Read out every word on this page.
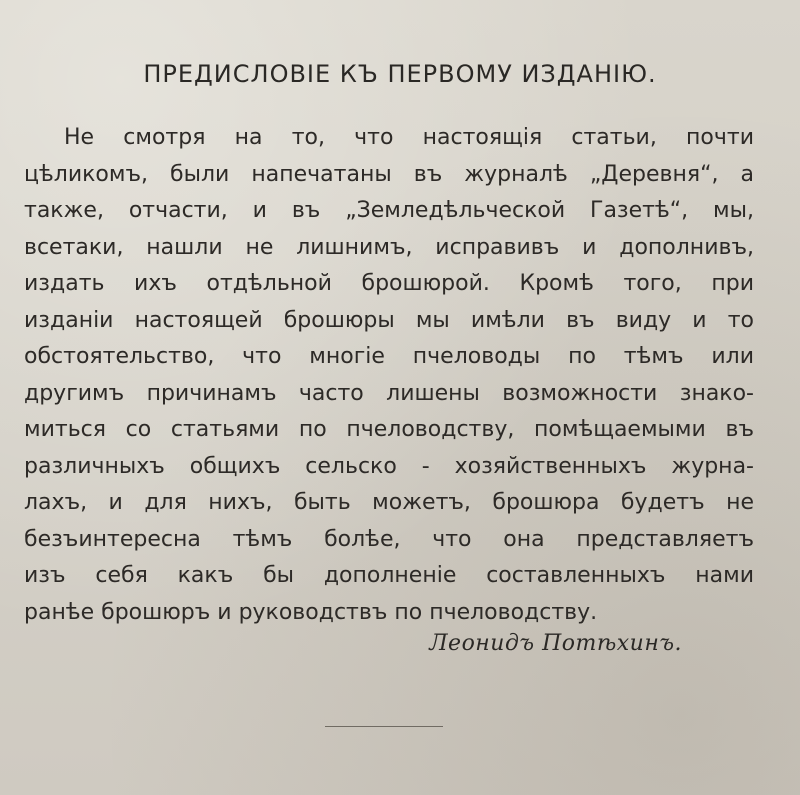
ПРЕДИСЛОВІЕ КЪ ПЕРВОМУ ИЗДАНІЮ.
Не смотря на то, что настоящія статьи, почти
цѣликомъ, были напечатаны въ журналѣ „Деревня“, а
также, отчасти, и въ „Земледѣльческой Газетѣ“, мы,
всетаки, нашли не лишнимъ, исправивъ и дополнивъ,
издать ихъ отдѣльной брошюрой. Кромѣ того, при
изданіи настоящей брошюры мы имѣли въ виду и то
обстоятельство, что многіе пчеловоды по тѣмъ или
другимъ причинамъ часто лишены возможности знако-
миться со статьями по пчеловодству, помѣщаемыми въ
различныхъ общихъ сельско - хозяйственныхъ журна-
лахъ, и для нихъ, быть можетъ, брошюра будетъ не
безъинтересна тѣмъ болѣе, что она представляетъ
изъ себя какъ бы дополненіе составленныхъ нами
ранѣе брошюръ и руководствъ по пчеловодству.
Леонидъ Потѣхинъ.
